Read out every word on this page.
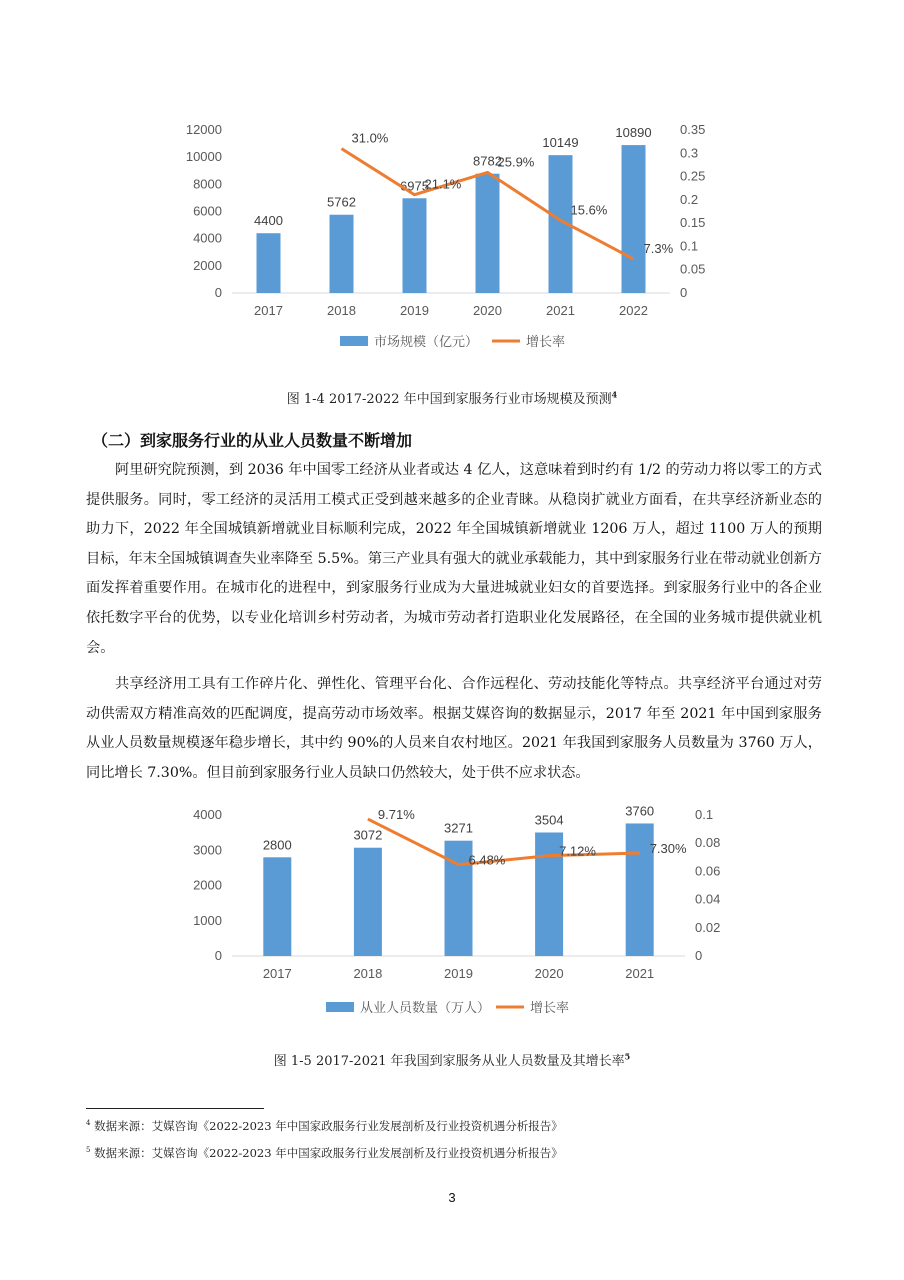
0
2000
4000
6000
8000
10000
12000
0
0.05
0.1
0.15
0.2
0.25
0.3
0.35
4400
2017
5762
2018
6975
2019
8782
2020
10149
2021
10890
2022
31.0%
21.1%
25.9%
15.6%
7.3%
市场规模（亿元）	增长率
图 1-4 2017-2022 年中国到家服务行业市场规模及预测$^4$
（二）到家服务行业的从业人员数量不断增加

阿里研究院预测，到 2036 年中国零工经济从业者或达 4 亿人，这意味着到时约有 1/2 的劳动力将以零工的方式提供服务。同时，零工经济的灵活用工模式正受到越来越多的企业青睐。从稳岗扩就业方面看，在共享经济新业态的助力下，2022 年全国城镇新增就业目标顺利完成，2022 年全国城镇新增就业 1206 万人，超过 1100 万人的预期目标，年末全国城镇调查失业率降至 5.5%。第三产业具有强大的就业承载能力，其中到家服务行业在带动就业创新方面发挥着重要作用。在城市化的进程中，到家服务行业成为大量进城就业妇女的首要选择。到家服务行业中的各企业依托数字平台的优势，以专业化培训乡村劳动者，为城市劳动者打造职业化发展路径，在全国的业务城市提供就业机会。

共享经济用工具有工作碎片化、弹性化、管理平台化、合作远程化、劳动技能化等特点。共享经济平台通过对劳动供需双方精准高效的匹配调度，提高劳动市场效率。根据艾媒咨询的数据显示，2017 年至 2021 年中国到家服务从业人员数量规模逐年稳步增长，其中约 90%的人员来自农村地区。2021 年我国到家服务人员数量为 3760 万人，同比增长 7.30%。但目前到家服务行业人员缺口仍然较大，处于供不应求状态。

0
1000
2000
3000
4000
0
0.02
0.04
0.06
0.08
0.1
2800
2017
3072
2018
3271
2019
3504
2020
3760
2021
9.71%
6.48%
7.12%	7.30%
从业人员数量（万人）	增长率
图 1-5 2017-2021 年我国到家服务从业人员数量及其增长率$^5$
$^4$ 数据来源：艾媒咨询《2022-2023 年中国家政服务行业发展剖析及行业投资机遇分析报告》
$^5$ 数据来源：艾媒咨询《2022-2023 年中国家政服务行业发展剖析及行业投资机遇分析报告》
3
